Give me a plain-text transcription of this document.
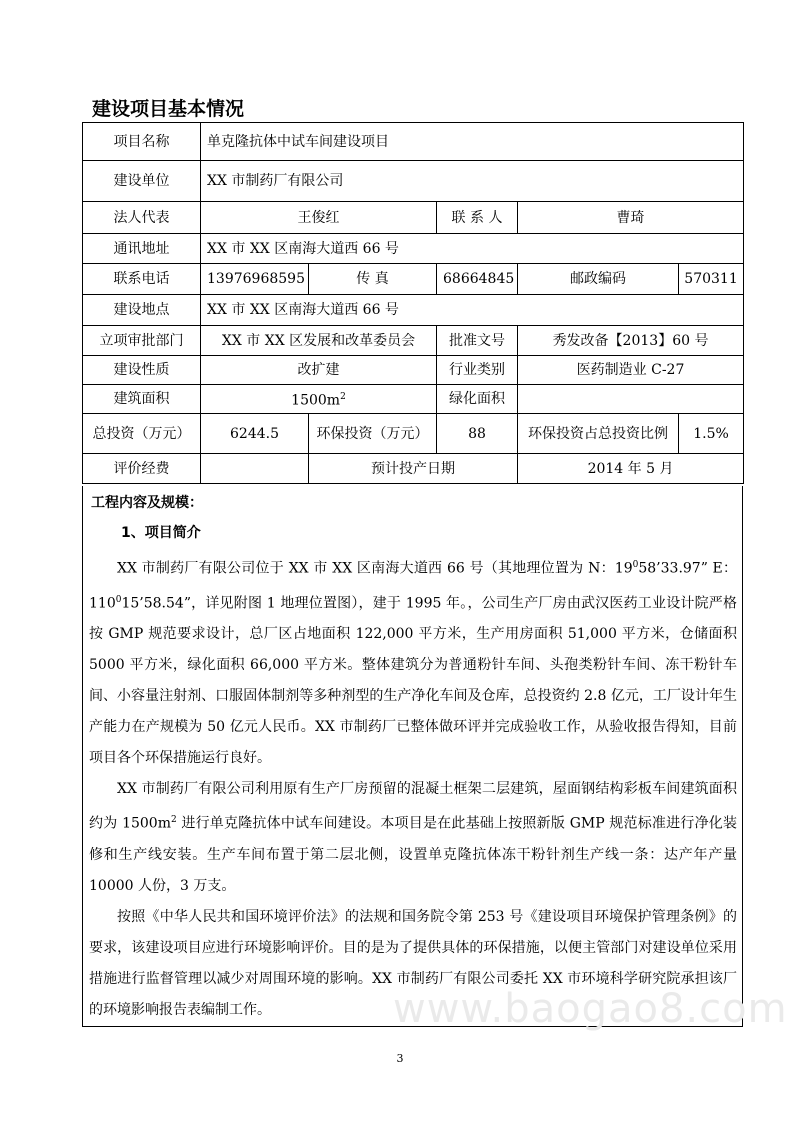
建设项目基本情况
项目名称	单克隆抗体中试车间建设项目				
建设单位	XX 市制药厂有限公司				
法人代表	王俊红		联 系 人	曹琦	
通讯地址	XX 市 XX 区南海大道西 66 号				
联系电话	13976968595	传 真	68664845	邮政编码	570311
建设地点	XX 市 XX 区南海大道西 66 号				
立项审批部门	XX 市 XX 区发展和改革委员会		批准文号	秀发改备【2013】60 号	
建设性质	改扩建		行业类别	医药制造业 C-27	
建筑面积	$1500m^2$		绿化面积		
总投资（万元）	6244.5	环保投资（万元）	88	环保投资占总投资比例	1.5%
评价经费		预计投产日期		2014 年 5 月	
www.baogao8.com
工程内容及规模：
1、项目简介

XX 市制药厂有限公司位于 XX 市 XX 区南海大道西 66 号（其地理位置为 N：$19^058’33.97$” E：$110^015’58.54$”，详见附图 1 地理位置图），建于 1995 年。，公司生产厂房由武汉医药工业设计院严格按 GMP 规范要求设计，总厂区占地面积 122,000 平方米，生产用房面积 51,000 平方米，仓储面积 5000 平方米，绿化面积 66,000 平方米。整体建筑分为普通粉针车间、头孢类粉针车间、冻干粉针车间、小容量注射剂、口服固体制剂等多种剂型的生产净化车间及仓库，总投资约 2.8 亿元，工厂设计年生产能力在产规模为 50 亿元人民币。XX 市制药厂已整体做环评并完成验收工作，从验收报告得知，目前项目各个环保措施运行良好。

XX 市制药厂有限公司利用原有生产厂房预留的混凝土框架二层建筑，屋面钢结构彩板车间建筑面积约为 $1500m^2$ 进行单克隆抗体中试车间建设。本项目是在此基础上按照新版 GMP 规范标准进行净化装修和生产线安装。生产车间布置于第二层北侧，设置单克隆抗体冻干粉针剂生产线一条：达产年产量 10000 人份，3 万支。

按照《中华人民共和国环境评价法》的法规和国务院令第 253 号《建设项目环境保护管理条例》的要求，该建设项目应进行环境影响评价。目的是为了提供具体的环保措施，以便主管部门对建设单位采用措施进行监督管理以减少对周围环境的影响。XX 市制药厂有限公司委托 XX 市环境科学研究院承担该厂的环境影响报告表编制工作。

3
